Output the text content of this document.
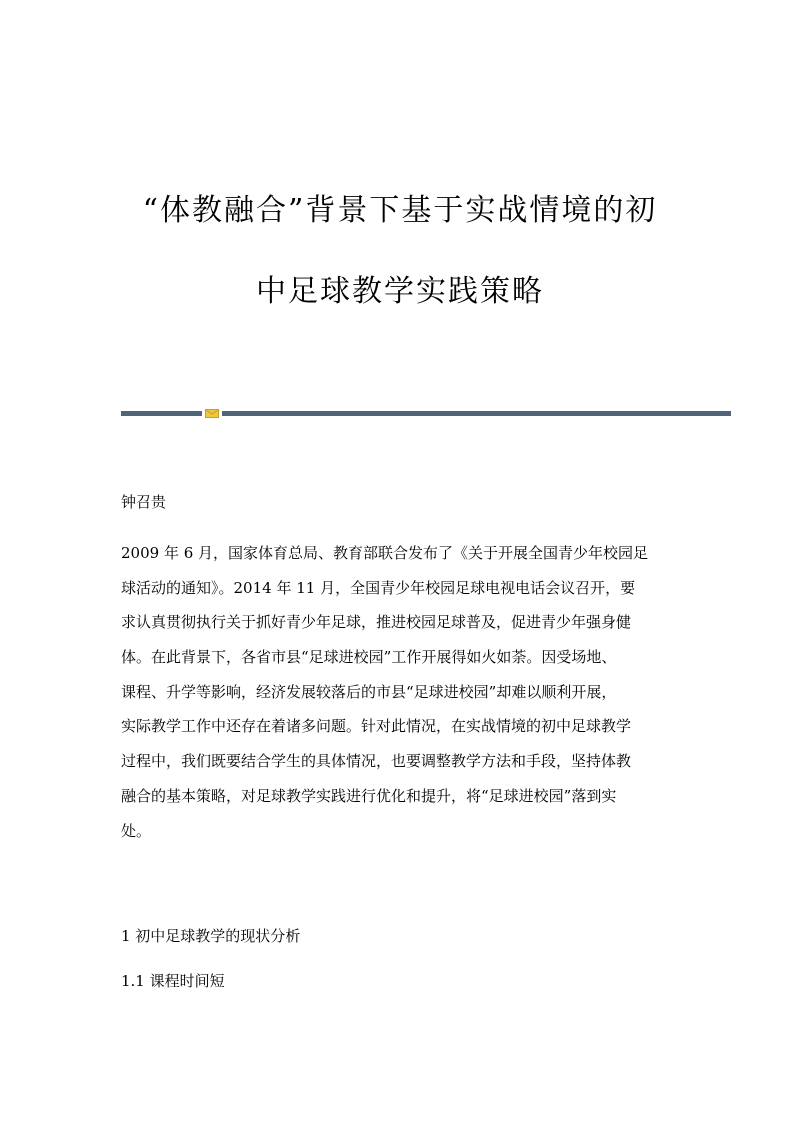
“体教融合”背景下基于实战情境的初
中足球教学实践策略
钟召贵
2009 年 6 月，国家体育总局、教育部联合发布了《关于开展全国青少年校园足
球活动的通知》。2014 年 11 月，全国青少年校园足球电视电话会议召开，要
求认真贯彻执行关于抓好青少年足球，推进校园足球普及，促进青少年强身健
体。在此背景下，各省市县“足球进校园”工作开展得如火如荼。因受场地、
课程、升学等影响，经济发展较落后的市县“足球进校园”却难以顺利开展，
实际教学工作中还存在着诸多问题。针对此情况，在实战情境的初中足球教学
过程中，我们既要结合学生的具体情况，也要调整教学方法和手段，坚持体教
融合的基本策略，对足球教学实践进行优化和提升，将“足球进校园”落到实
处。
1 初中足球教学的现状分析
1.1 课程时间短
